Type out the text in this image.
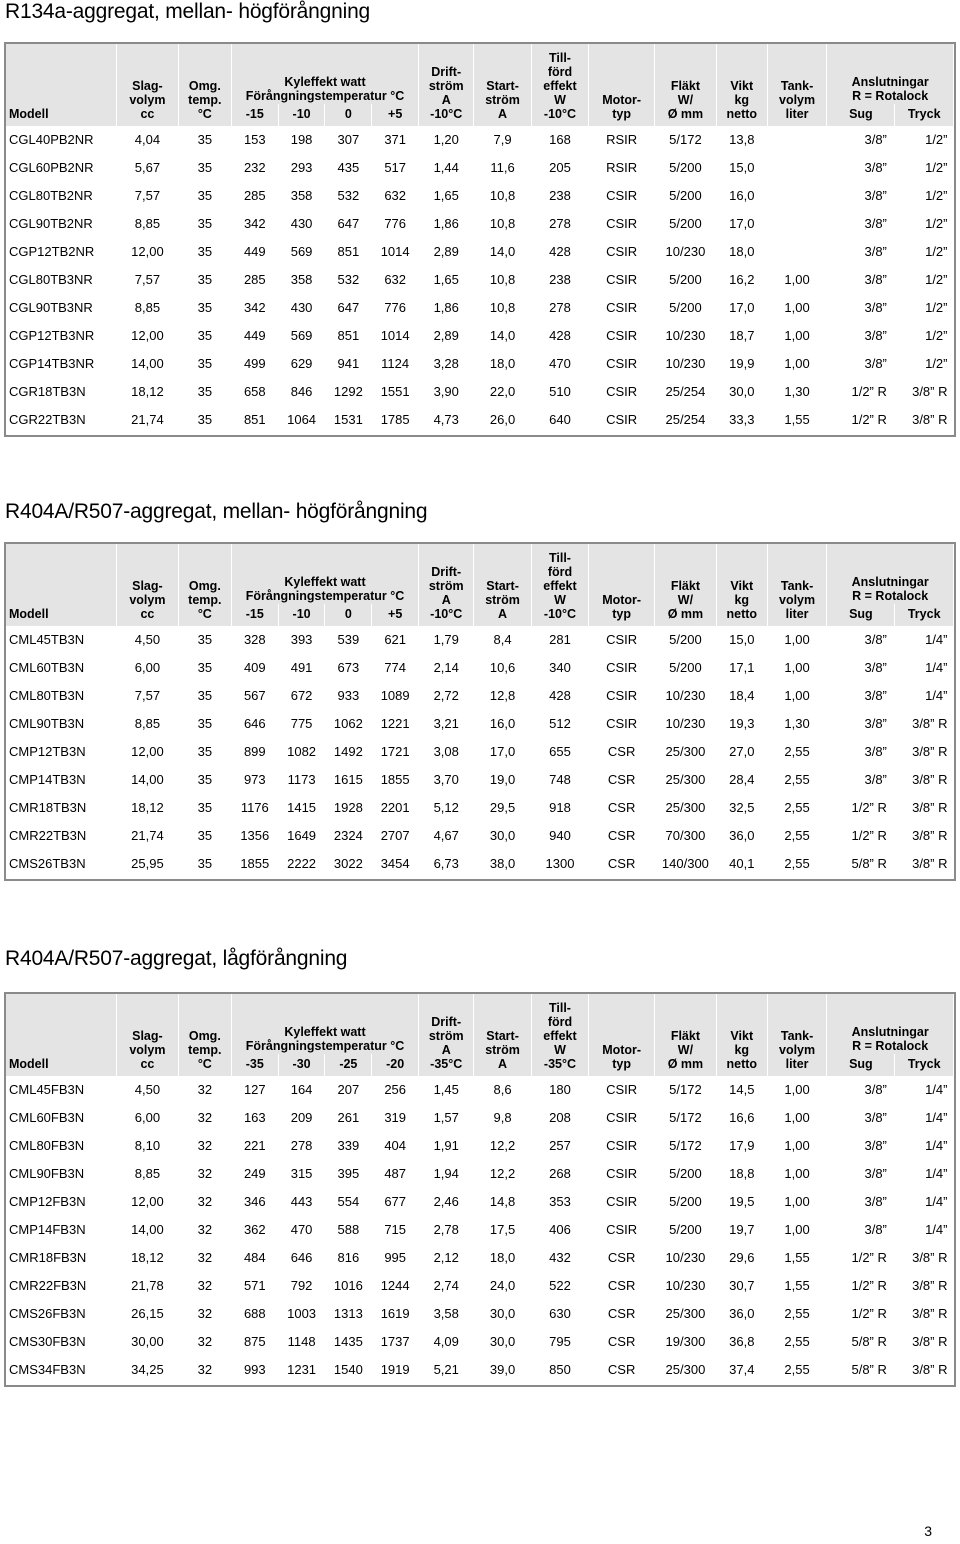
R134a-aggregat, mellan- högförångning
Modell	Slag-
volym
cc	Omg.
temp.
°C	Kyleffekt watt
Förångningstemperatur °C				Drift-
ström
A
-10°C	Start-
ström
A	Till-
förd
effekt
W
-10°C	Motor-
typ	Fläkt
W/
Ø mm	Vikt
kg
netto	Tank-
volym
liter	Anslutningar
R = Rotalock	

			-15	-10	0	+5								Sug	Tryck

CGL40PB2NR	4,04	35	153	198	307	371	1,20	7,9	168	RSIR	5/172	13,8		3/8”	1/2”
CGL60PB2NR	5,67	35	232	293	435	517	1,44	11,6	205	RSIR	5/200	15,0		3/8”	1/2”
CGL80TB2NR	7,57	35	285	358	532	632	1,65	10,8	238	CSIR	5/200	16,0		3/8”	1/2”
CGL90TB2NR	8,85	35	342	430	647	776	1,86	10,8	278	CSIR	5/200	17,0		3/8”	1/2”
CGP12TB2NR	12,00	35	449	569	851	1014	2,89	14,0	428	CSIR	10/230	18,0		3/8”	1/2”
CGL80TB3NR	7,57	35	285	358	532	632	1,65	10,8	238	CSIR	5/200	16,2	1,00	3/8”	1/2”
CGL90TB3NR	8,85	35	342	430	647	776	1,86	10,8	278	CSIR	5/200	17,0	1,00	3/8”	1/2”
CGP12TB3NR	12,00	35	449	569	851	1014	2,89	14,0	428	CSIR	10/230	18,7	1,00	3/8”	1/2”
CGP14TB3NR	14,00	35	499	629	941	1124	3,28	18,0	470	CSIR	10/230	19,9	1,00	3/8”	1/2”
CGR18TB3N	18,12	35	658	846	1292	1551	3,90	22,0	510	CSIR	25/254	30,0	1,30	1/2” R	3/8” R
CGR22TB3N	21,74	35	851	1064	1531	1785	4,73	26,0	640	CSIR	25/254	33,3	1,55	1/2” R	3/8” R
R404A/R507-aggregat, mellan- högförångning
Modell	Slag-
volym
cc	Omg.
temp.
°C	Kyleffekt watt
Förångningstemperatur °C				Drift-
ström
A
-10°C	Start-
ström
A	Till-
förd
effekt
W
-10°C	Motor-
typ	Fläkt
W/
Ø mm	Vikt
kg
netto	Tank-
volym
liter	Anslutningar
R = Rotalock	

			-15	-10	0	+5								Sug	Tryck

CML45TB3N	4,50	35	328	393	539	621	1,79	8,4	281	CSIR	5/200	15,0	1,00	3/8”	1/4”
CML60TB3N	6,00	35	409	491	673	774	2,14	10,6	340	CSIR	5/200	17,1	1,00	3/8”	1/4”
CML80TB3N	7,57	35	567	672	933	1089	2,72	12,8	428	CSIR	10/230	18,4	1,00	3/8”	1/4”
CML90TB3N	8,85	35	646	775	1062	1221	3,21	16,0	512	CSIR	10/230	19,3	1,30	3/8”	3/8” R
CMP12TB3N	12,00	35	899	1082	1492	1721	3,08	17,0	655	CSR	25/300	27,0	2,55	3/8”	3/8” R
CMP14TB3N	14,00	35	973	1173	1615	1855	3,70	19,0	748	CSR	25/300	28,4	2,55	3/8”	3/8” R
CMR18TB3N	18,12	35	1176	1415	1928	2201	5,12	29,5	918	CSR	25/300	32,5	2,55	1/2” R	3/8” R
CMR22TB3N	21,74	35	1356	1649	2324	2707	4,67	30,0	940	CSR	70/300	36,0	2,55	1/2” R	3/8” R
CMS26TB3N	25,95	35	1855	2222	3022	3454	6,73	38,0	1300	CSR	140/300	40,1	2,55	5/8” R	3/8” R
R404A/R507-aggregat, lågförångning
Modell	Slag-
volym
cc	Omg.
temp.
°C	Kyleffekt watt
Förångningstemperatur °C				Drift-
ström
A
-35°C	Start-
ström
A	Till-
förd
effekt
W
-35°C	Motor-
typ	Fläkt
W/
Ø mm	Vikt
kg
netto	Tank-
volym
liter	Anslutningar
R = Rotalock	

			-35	-30	-25	-20								Sug	Tryck

CML45FB3N	4,50	32	127	164	207	256	1,45	8,6	180	CSIR	5/172	14,5	1,00	3/8”	1/4”
CML60FB3N	6,00	32	163	209	261	319	1,57	9,8	208	CSIR	5/172	16,6	1,00	3/8”	1/4”
CML80FB3N	8,10	32	221	278	339	404	1,91	12,2	257	CSIR	5/172	17,9	1,00	3/8”	1/4”
CML90FB3N	8,85	32	249	315	395	487	1,94	12,2	268	CSIR	5/200	18,8	1,00	3/8”	1/4”
CMP12FB3N	12,00	32	346	443	554	677	2,46	14,8	353	CSIR	5/200	19,5	1,00	3/8”	1/4”
CMP14FB3N	14,00	32	362	470	588	715	2,78	17,5	406	CSIR	5/200	19,7	1,00	3/8”	1/4”
CMR18FB3N	18,12	32	484	646	816	995	2,12	18,0	432	CSR	10/230	29,6	1,55	1/2” R	3/8” R
CMR22FB3N	21,78	32	571	792	1016	1244	2,74	24,0	522	CSR	10/230	30,7	1,55	1/2” R	3/8” R
CMS26FB3N	26,15	32	688	1003	1313	1619	3,58	30,0	630	CSR	25/300	36,0	2,55	1/2” R	3/8” R
CMS30FB3N	30,00	32	875	1148	1435	1737	4,09	30,0	795	CSR	19/300	36,8	2,55	5/8” R	3/8” R
CMS34FB3N	34,25	32	993	1231	1540	1919	5,21	39,0	850	CSR	25/300	37,4	2,55	5/8” R	3/8” R
3
